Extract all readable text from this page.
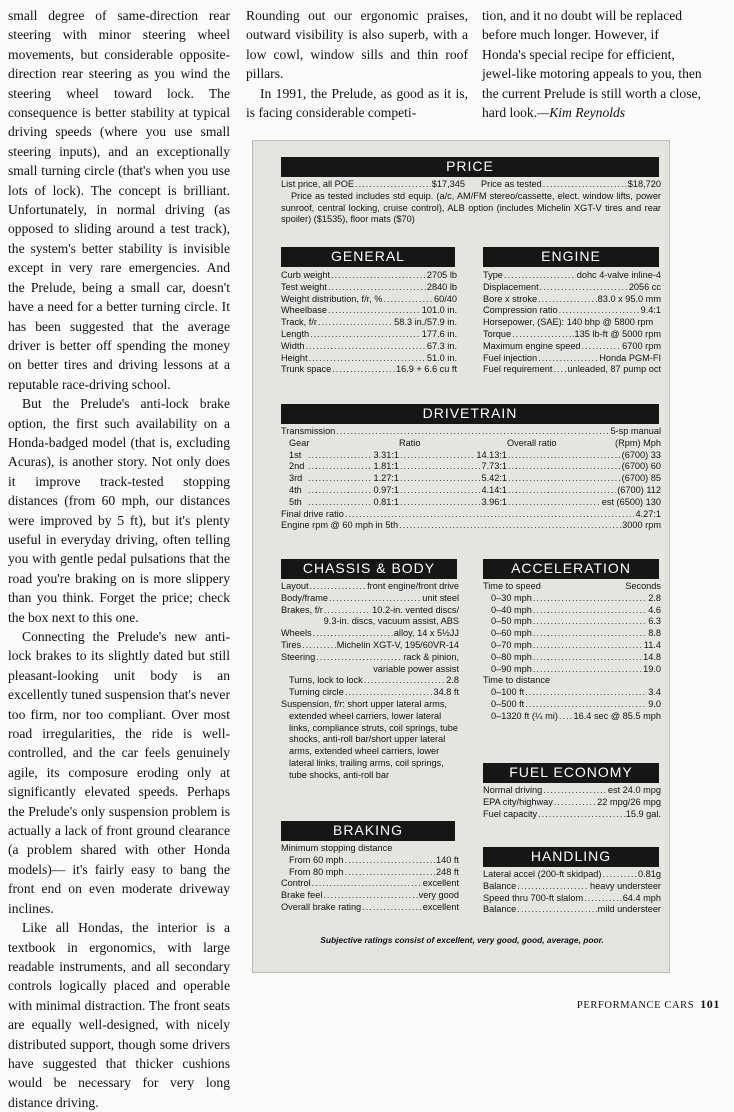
small degree of same-direction rear steering with minor steering wheel movements, but considerable opposite-direction rear steering as you wind the steering wheel toward lock. The consequence is better stability at typical driving speeds (where you use small steering inputs), and an exceptionally small turning circle (that's when you use lots of lock). The concept is brilliant. Unfortunately, in normal driving (as opposed to sliding around a test track), the system's better stability is invisible except in very rare emergencies. And the Prelude, being a small car, doesn't have a need for a better turning circle. It has been suggested that the average driver is better off spending the money on better tires and driving lessons at a reputable race-driving school.

But the Prelude's anti-lock brake option, the first such availability on a Honda-badged model (that is, excluding Acuras), is another story. Not only does it improve track-tested stopping distances (from 60 mph, our distances were improved by 5 ft), but it's plenty useful in everyday driving, often telling you with gentle pedal pulsations that the road you're braking on is more slippery than you think. Forget the price; check the box next to this one.

Connecting the Prelude's new anti-lock brakes to its slightly dated but still pleasant-looking unit body is an excellently tuned suspension that's never too firm, nor too compliant. Over most road irregularities, the ride is well-controlled, and the car feels genuinely agile, its composure eroding only at significantly elevated speeds. Perhaps the Prelude's only suspension problem is actually a lack of front ground clearance (a problem shared with other Honda models)— it's fairly easy to bang the front end on even moderate driveway inclines.

Like all Hondas, the interior is a textbook in ergonomics, with large readable instruments, and all secondary controls logically placed and operable with minimal distraction. The front seats are equally well-designed, with nicely distributed support, though some drivers have suggested that thicker cushions would be necessary for very long distance driving.

Rounding out our ergonomic praises, outward visibility is also superb, with a low cowl, window sills and thin roof pillars.

In 1991, the Prelude, as good as it is, is facing considerable competi-

tion, and it no doubt will be replaced before much longer. However, if Honda's special recipe for efficient, jewel-like motoring appeals to you, then the current Prelude is still worth a close, hard look.—Kim Reynolds

PRICE
List price, all POE .....	$17,345 Price as tested .....	$18,720
Price as tested includes std equip. (a/c, AM/FM stereo/cassette, elect. window lifts, power sunroof, central locking, cruise control), ALB option (includes Michelin XGT-V tires and rear spoiler) ($1535), floor mats ($70)
GENERAL
Curb weight .....	2705 lb
Test weight .....	2840 lb
Weight distribution, f/r, % .....	60/40
Wheelbase .....	101.0 in.
Track, f/r .....	58.3 in./57.9 in.
Length .....	177.6 in.
Width .....	67.3 in.
Height .....	51.0 in.
Trunk space .....	16.9 + 6.6 cu ft
ENGINE
Type .....	dohc 4-valve inline-4
Displacement .....	2056 cc
Bore x stroke .....	83.0 x 95.0 mm
Compression ratio .....	9.4:1
Horsepower, (SAE): 140 bhp @ 5800 rpm
Torque .....	135 lb-ft @ 5000 rpm
Maximum engine speed .....	6700 rpm
Fuel injection .....	Honda PGM-FI
Fuel requirement ..... unleaded, 87 pump oct
DRIVETRAIN
Transmission .....	5-sp manual
Gear	Ratio	Overall ratio	(Rpm) Mph
1st .....	3.31:1 .....	14.13:1 .....	(6700) 33
2nd .....	1.81:1 .....	7.73:1 .....	(6700) 60
3rd .....	1.27:1 .....	5.42:1 .....	(6700) 85
4th .....	0.97:1 .....	4.14:1 .....	(6700) 112
5th .....	0.81:1 .....	3.96:1 .....	est (6500) 130
Final drive ratio .....	4.27:1
Engine rpm @ 60 mph in 5th .....	3000 rpm
CHASSIS & BODY
Layout .....	front engine/front drive
Body/frame .....	unit steel
Brakes, f/r .....	10.2-in. vented discs/
9.3-in. discs, vacuum assist, ABS
Wheels .....	alloy, 14 x 5½JJ
Tires .....	Michelin XGT-V, 195/60VR-14
Steering .....	rack & pinion,
variable power assist
Turns, lock to lock .....	2.8
Turning circle .....	34.8 ft
Suspension, f/r: short upper lateral arms, extended wheel carriers, lower lateral links, compliance struts, coil springs, tube shocks, anti-roll bar/short upper lateral arms, extended wheel carriers, lower lateral links, trailing arms, coil springs, tube shocks, anti-roll bar
ACCELERATION
Time to speed	Seconds
0–30 mph .....	2.8
0–40 mph .....	4.6
0–50 mph .....	6.3
0–60 mph .....	8.8
0–70 mph .....	11.4
0–80 mph .....	14.8
0–90 mph .....	19.0
Time to distance
0–100 ft .....	3.4
0–500 ft .....	9.0
0–1320 ft (¼ mi) ..... 16.4 sec @ 85.5 mph
FUEL ECONOMY
Normal driving .....	est 24.0 mpg
EPA city/highway .....	22 mpg/26 mpg
Fuel capacity .....	15.9 gal.
BRAKING
Minimum stopping distance
From 60 mph .....	140 ft
From 80 mph .....	248 ft
Control .....	excellent
Brake feel .....	very good
Overall brake rating .....	excellent
HANDLING
Lateral accel (200-ft skidpad) .....	0.81g
Balance .....	heavy understeer
Speed thru 700-ft slalom .....	64.4 mph
Balance .....	mild understeer
Subjective ratings consist of excellent, very good, good, average, poor.
PERFORMANCE CARS 101
